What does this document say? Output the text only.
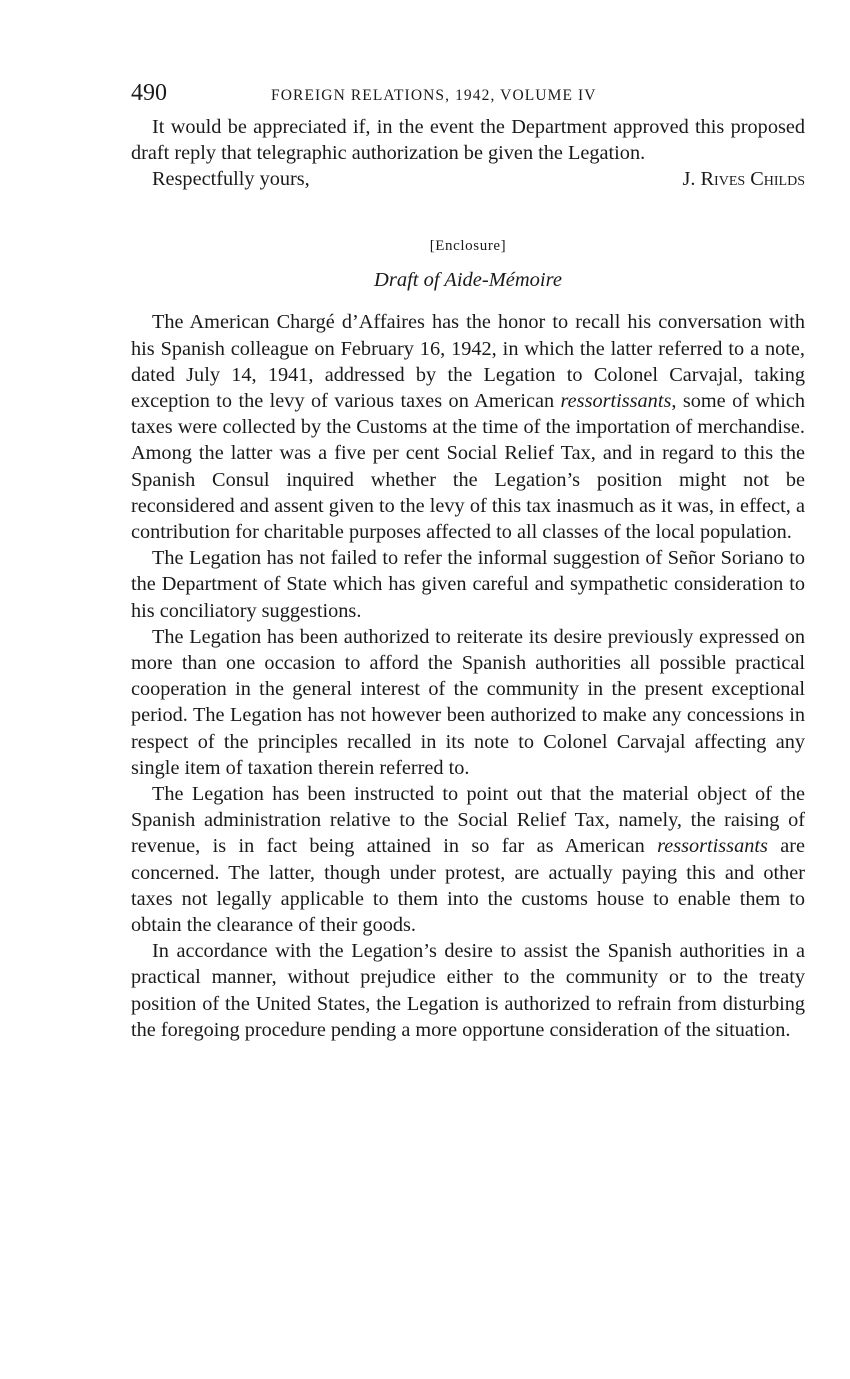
490	FOREIGN RELATIONS, 1942, VOLUME IV

It would be appreciated if, in the event the Department approved this proposed draft reply that telegraphic authorization be given the Legation.

Respectfully yours,	J. Rives Childs
[Enclosure]
Draft of Aide-Mémoire

The American Chargé d’Affaires has the honor to recall his conversation with his Spanish colleague on February 16, 1942, in which the latter referred to a note, dated July 14, 1941, addressed by the Legation to Colonel Carvajal, taking exception to the levy of various taxes on American ressortissants, some of which taxes were collected by the Customs at the time of the importation of merchandise. Among the latter was a five per cent Social Relief Tax, and in regard to this the Spanish Consul inquired whether the Legation’s position might not be reconsidered and assent given to the levy of this tax inasmuch as it was, in effect, a contribution for charitable purposes affected to all classes of the local population.

The Legation has not failed to refer the informal suggestion of Señor Soriano to the Department of State which has given careful and sympathetic consideration to his conciliatory suggestions.

The Legation has been authorized to reiterate its desire previously expressed on more than one occasion to afford the Spanish authorities all possible practical cooperation in the general interest of the community in the present exceptional period. The Legation has not however been authorized to make any concessions in respect of the principles recalled in its note to Colonel Carvajal affecting any single item of taxation therein referred to.

The Legation has been instructed to point out that the material object of the Spanish administration relative to the Social Relief Tax, namely, the raising of revenue, is in fact being attained in so far as American ressortissants are concerned. The latter, though under protest, are actually paying this and other taxes not legally applicable to them into the customs house to enable them to obtain the clearance of their goods.

In accordance with the Legation’s desire to assist the Spanish authorities in a practical manner, without prejudice either to the community or to the treaty position of the United States, the Legation is authorized to refrain from disturbing the foregoing procedure pending a more opportune consideration of the situation.
